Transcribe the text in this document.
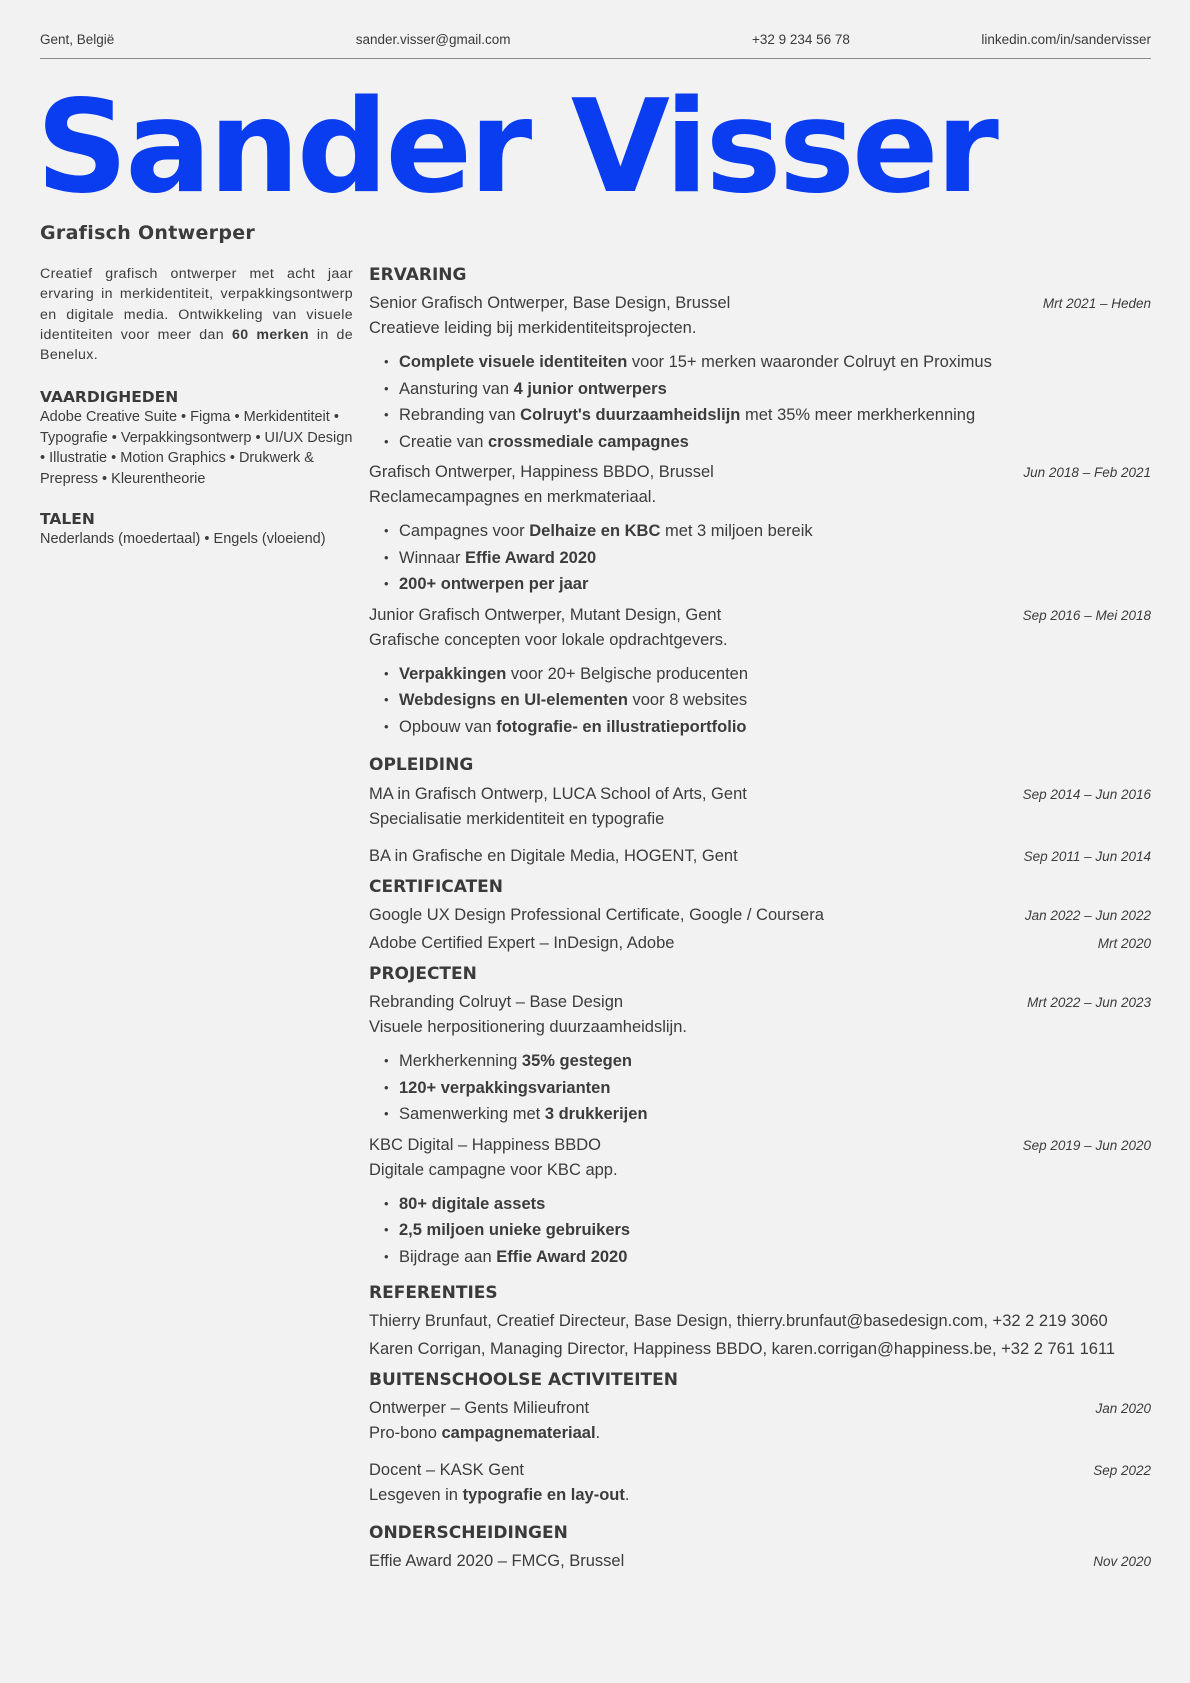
Gent, België	sander.visser@gmail.com	+32 9 234 56 78	linkedin.com/in/sandervisser
Sander Visser
Grafisch Ontwerper

Creatief grafisch ontwerper met acht jaar ervaring in merkidentiteit, verpakkingsontwerp en digitale media. Ontwikkeling van visuele identiteiten voor meer dan 60 merken in de Benelux.

VAARDIGHEDEN

Adobe Creative Suite • Figma • Merkidentiteit • Typografie • Verpakkingsontwerp • UI/UX Design • Illustratie • Motion Graphics • Drukwerk & Prepress • Kleurentheorie

TALEN

Nederlands (moedertaal) • Engels (vloeiend)

ERVARING
Senior Grafisch Ontwerper, Base Design, Brussel	Mrt 2021 – Heden
Creatieve leiding bij merkidentiteitsprojecten.
• Complete visuele identiteiten voor 15+ merken waaronder Colruyt en Proximus
• Aansturing van 4 junior ontwerpers
• Rebranding van Colruyt's duurzaamheidslijn met 35% meer merkherkenning
• Creatie van crossmediale campagnes
Grafisch Ontwerper, Happiness BBDO, Brussel	Jun 2018 – Feb 2021
Reclamecampagnes en merkmateriaal.
• Campagnes voor Delhaize en KBC met 3 miljoen bereik
• Winnaar Effie Award 2020
• 200+ ontwerpen per jaar
Junior Grafisch Ontwerper, Mutant Design, Gent	Sep 2016 – Mei 2018
Grafische concepten voor lokale opdrachtgevers.
• Verpakkingen voor 20+ Belgische producenten
• Webdesigns en UI-elementen voor 8 websites
• Opbouw van fotografie- en illustratieportfolio
OPLEIDING
MA in Grafisch Ontwerp, LUCA School of Arts, Gent	Sep 2014 – Jun 2016
Specialisatie merkidentiteit en typografie
BA in Grafische en Digitale Media, HOGENT, Gent	Sep 2011 – Jun 2014
CERTIFICATEN
Google UX Design Professional Certificate, Google / Coursera	Jan 2022 – Jun 2022
Adobe Certified Expert – InDesign, Adobe	Mrt 2020
PROJECTEN
Rebranding Colruyt – Base Design	Mrt 2022 – Jun 2023
Visuele herpositionering duurzaamheidslijn.
• Merkherkenning 35% gestegen
• 120+ verpakkingsvarianten
• Samenwerking met 3 drukkerijen
KBC Digital – Happiness BBDO	Sep 2019 – Jun 2020
Digitale campagne voor KBC app.
• 80+ digitale assets
• 2,5 miljoen unieke gebruikers
• Bijdrage aan Effie Award 2020
REFERENTIES
Thierry Brunfaut, Creatief Directeur, Base Design, thierry.brunfaut@basedesign.com, +32 2 219 3060
Karen Corrigan, Managing Director, Happiness BBDO, karen.corrigan@happiness.be, +32 2 761 1611
BUITENSCHOOLSE ACTIVITEITEN
Ontwerper – Gents Milieufront	Jan 2020
Pro-bono campagnemateriaal.
Docent – KASK Gent	Sep 2022
Lesgeven in typografie en lay-out.
ONDERSCHEIDINGEN
Effie Award 2020 – FMCG, Brussel	Nov 2020
